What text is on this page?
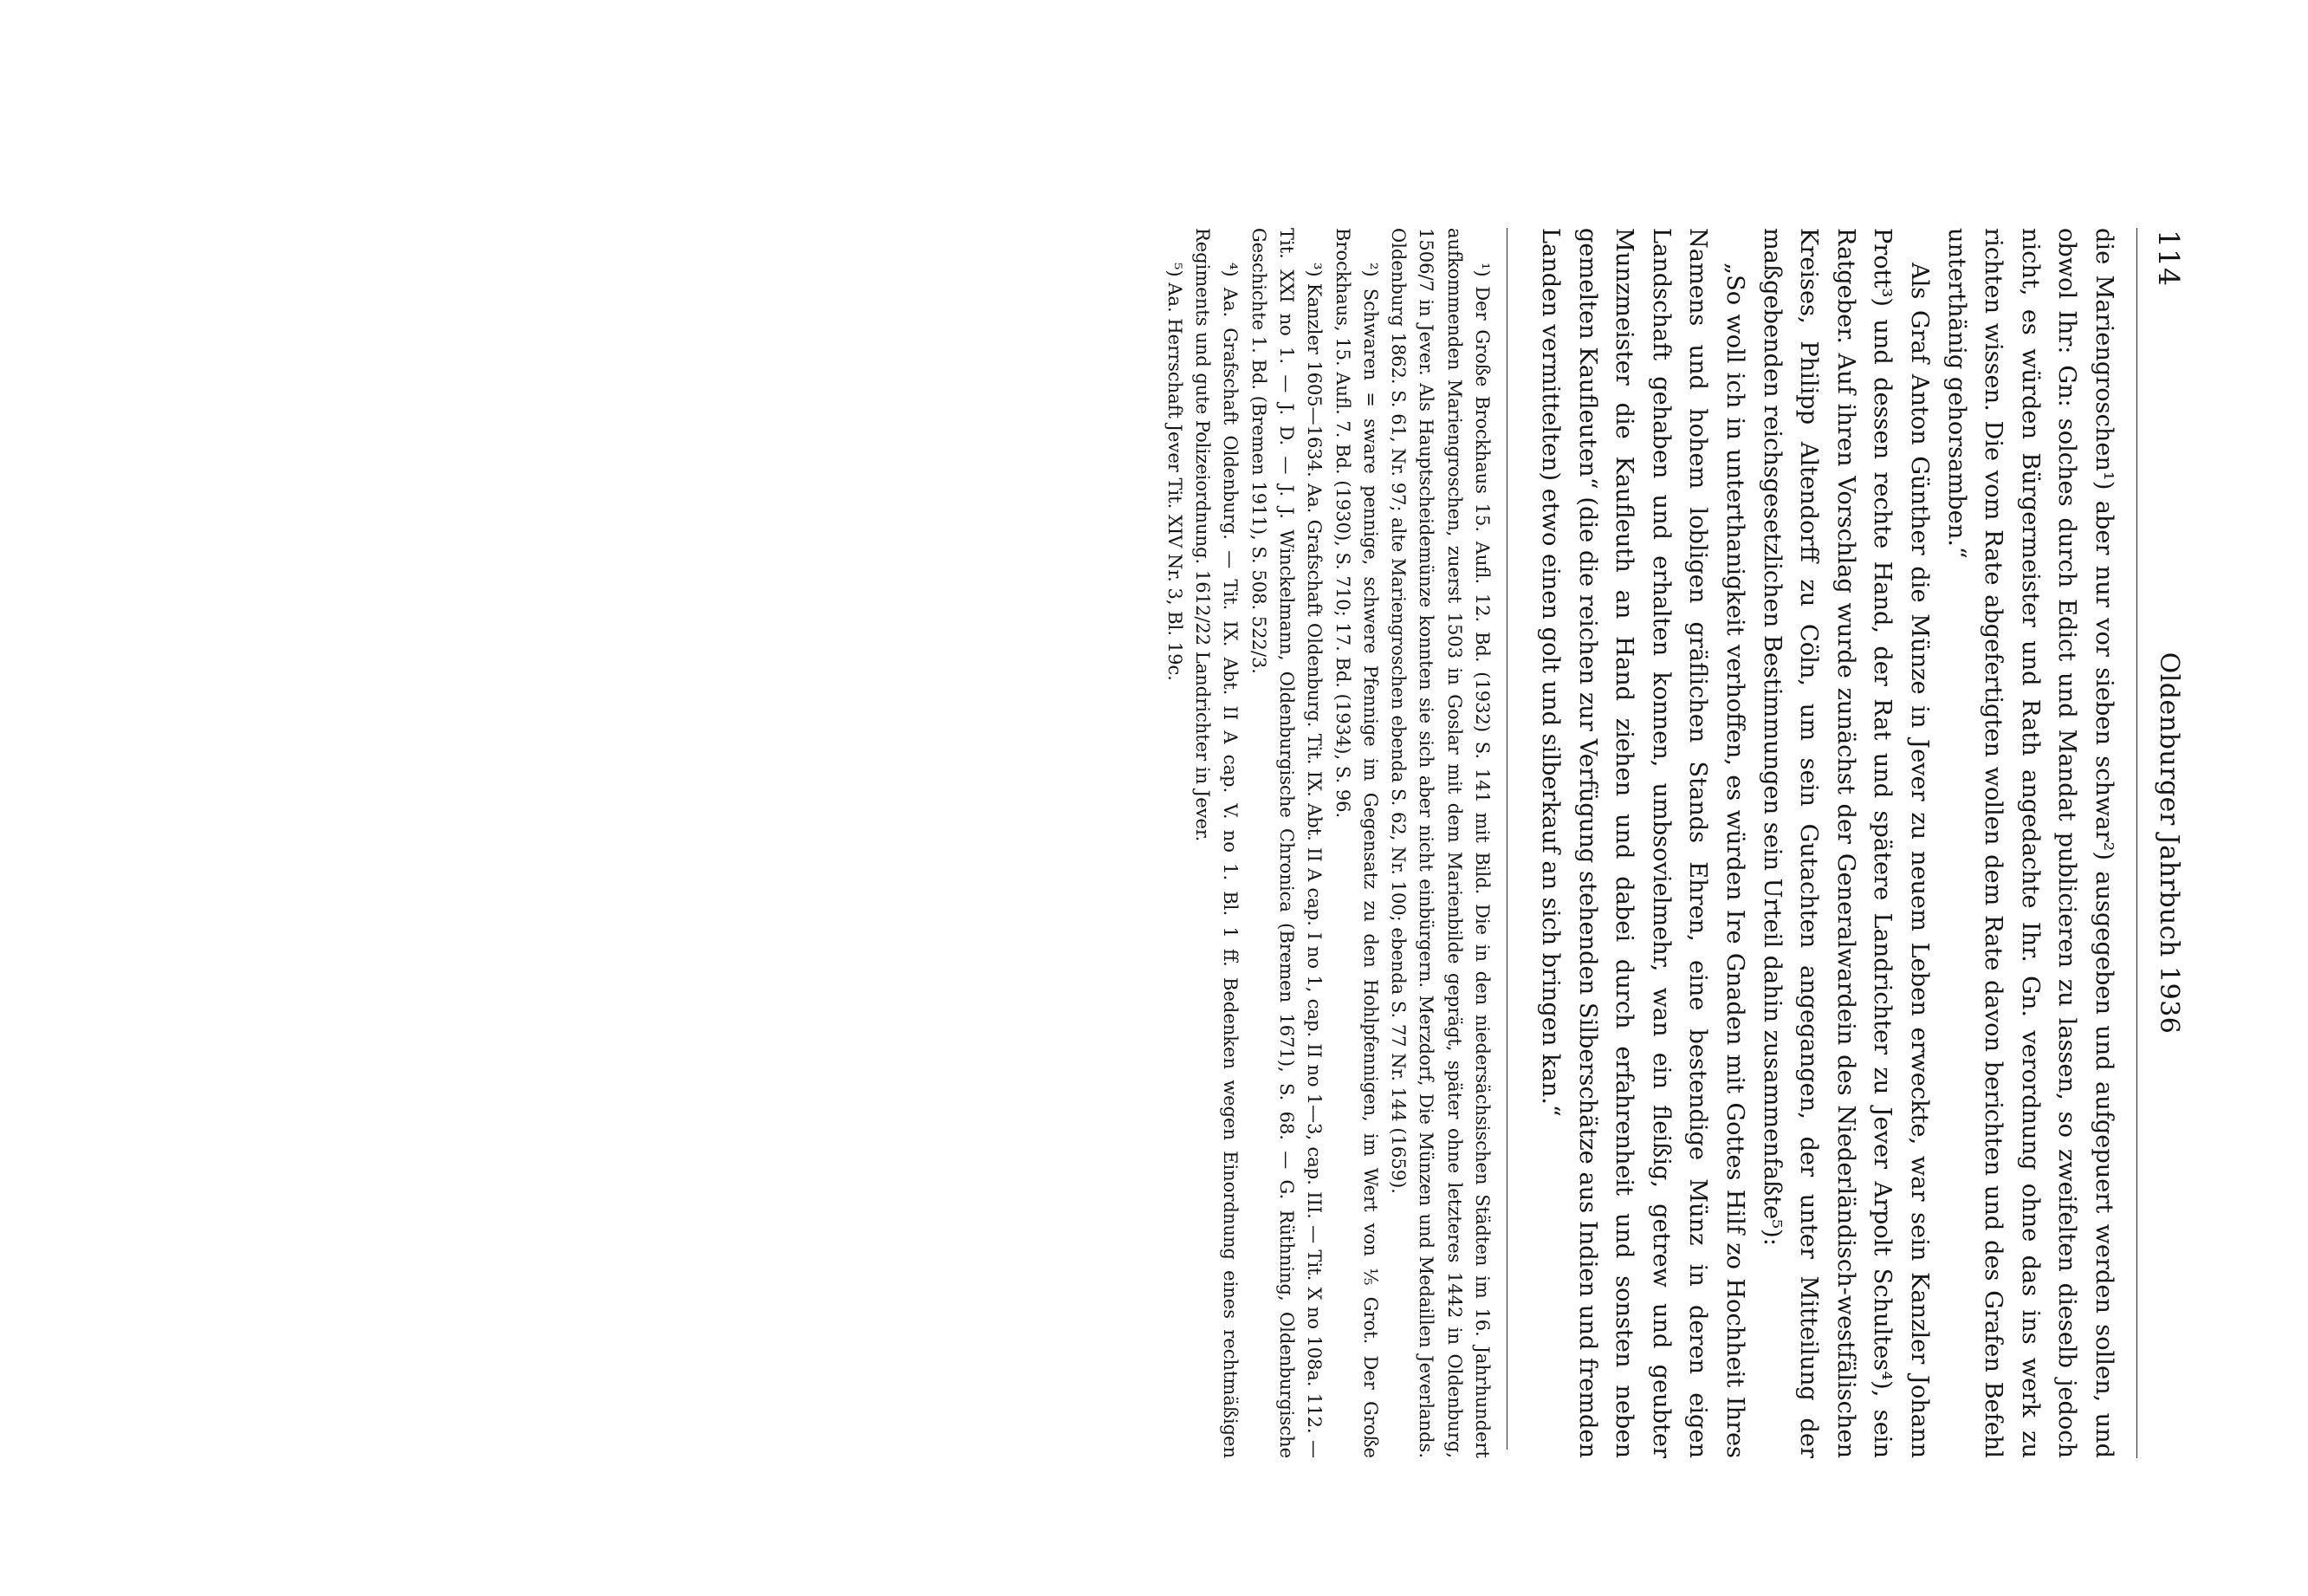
114
Oldenburger Jahrbuch 1936

die Mariengroschen¹) aber nur vor sieben schwar²) ausgegeben und aufgepuert werden sollen, und obwol Ihr: Gn: solches durch Edict und Mandat publicieren zu lassen, so zweifelten dieselb jedoch nicht, es würden Bürgermeister und Rath angedachte Ihr. Gn. verordnung ohne das ins werk zu richten wissen. Die vom Rate abgefertigten wollen dem Rate davon berichten und des Grafen Befehl unterthänig gehorsamben.“

Als Graf Anton Günther die Münze in Jever zu neuem Leben erweckte, war sein Kanzler Johann Prott³) und dessen rechte Hand, der Rat und spätere Landrichter zu Jever Arpolt Schultes⁴), sein Ratgeber. Auf ihren Vorschlag wurde zunächst der Generalwardein des Niederländisch-westfälischen Kreises, Philipp Altendorff zu Cöln, um sein Gutachten angegangen, der unter Mitteilung der maßgebenden reichsgesetzlichen Bestimmungen sein Urteil dahin zusammenfaßte⁵):

„So woll ich in unterthanigkeit verhoffen, es würden Ire Gnaden mit Gottes Hilf zo Hochheit Ihres Namens und hohem lobligen gräflichen Stands Ehren, eine bestendige Münz in deren eigen Landschaft gehaben und erhalten konnen, umbsovielmehr, wan ein fleißig, getrew und geubter Munzmeister die Kaufleuth an Hand ziehen und dabei durch erfahrenheit und sonsten neben gemelten Kaufleuten“ (die die reichen zur Verfügung stehenden Silberschätze aus Indien und fremden Landen vermittelten) etwo einen golt und silberkauf an sich bringen kan.“

¹) Der Große Brockhaus 15. Aufl. 12. Bd. (1932) S. 141 mit Bild. Die in den niedersächsischen Städten im 16. Jahrhundert aufkommenden Mariengroschen, zuerst 1503 in Goslar mit dem Marienbilde geprägt, später ohne letzteres 1442 in Oldenburg, 1506/7 in Jever. Als Hauptscheidemünze konnten sie sich aber nicht einbürgern. Merzdorf, Die Münzen und Medaillen Jeverlands. Oldenburg 1862. S. 61, Nr. 97; alte Mariengroschen ebenda S. 62, Nr. 100; ebenda S. 77 Nr. 144 (1659).

²) Schwaren = sware pennige, schwere Pfennige im Gegensatz zu den Hohlpfennigen, im Wert von ⅕ Grot. Der Große Brockhaus, 15. Aufl. 7. Bd. (1930), S. 710; 17. Bd. (1934), S. 96.

³) Kanzler 1605—1634. Aa. Grafschaft Oldenburg. Tit. IX. Abt. II A cap. I no 1, cap. II no 1—3, cap. III. — Tit. X no 108a. 112. — Tit. XXI no 1. — J. D. — J. J. Winckelmann, Oldenburgische Chronica (Bremen 1671), S. 68. — G. Rüthning, Oldenburgische Geschichte 1. Bd. (Bremen 1911), S. 508. 522/3.

⁴) Aa. Grafschaft Oldenburg. — Tit. IX. Abt. II A cap. V. no 1. Bl. 1 ff. Bedenken wegen Einordnung eines rechtmäßigen Regiments und gute Polizeiordnung. 1612/22 Landrichter in Jever.

⁵) Aa. Herrschaft Jever Tit. XIV Nr. 3, Bl. 19c.
